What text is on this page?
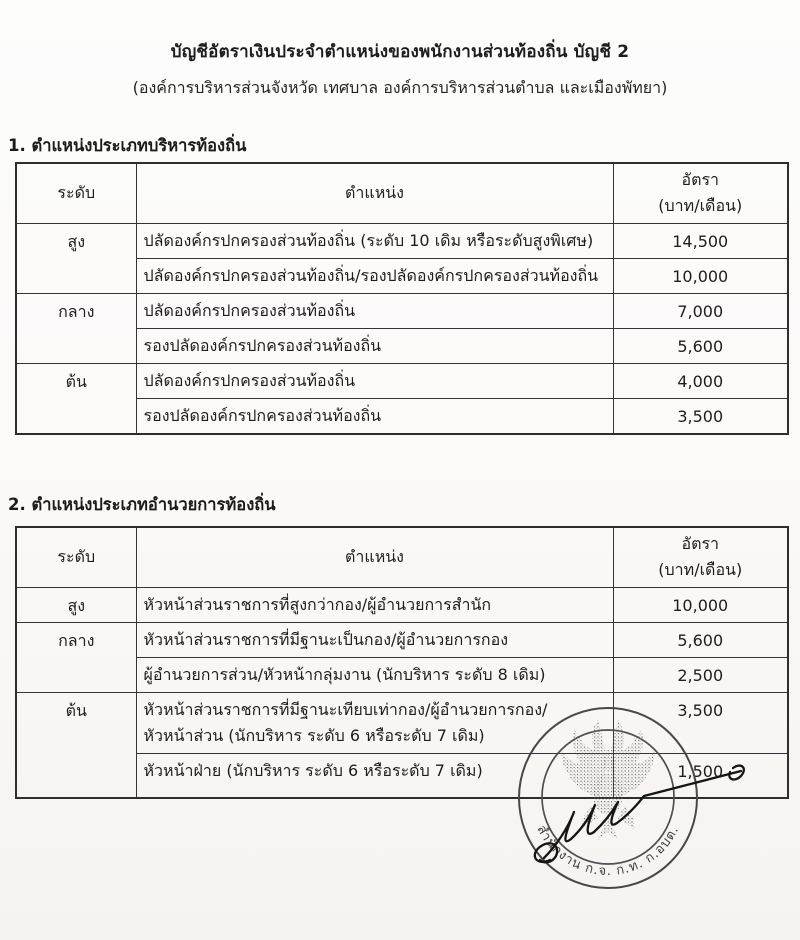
บัญชีอัตราเงินประจำตำแหน่งของพนักงานส่วนท้องถิ่น บัญชี 2
(องค์การบริหารส่วนจังหวัด เทศบาล องค์การบริหารส่วนตำบล และเมืองพัทยา)
1. ตำแหน่งประเภทบริหารท้องถิ่น
ระดับ	ตำแหน่ง	อัตรา
(บาท/เดือน)

สูง	ปลัดองค์กรปกครองส่วนท้องถิ่น (ระดับ 10 เดิม หรือระดับสูงพิเศษ)	14,500

	ปลัดองค์กรปกครองส่วนท้องถิ่น/รองปลัดองค์กรปกครองส่วนท้องถิ่น	10,000
กลาง	ปลัดองค์กรปกครองส่วนท้องถิ่น	7,000

	รองปลัดองค์กรปกครองส่วนท้องถิ่น	5,600
ต้น	ปลัดองค์กรปกครองส่วนท้องถิ่น	4,000

	รองปลัดองค์กรปกครองส่วนท้องถิ่น	3,500
2. ตำแหน่งประเภทอำนวยการท้องถิ่น
ระดับ	ตำแหน่ง	อัตรา
(บาท/เดือน)

สูง	หัวหน้าส่วนราชการที่สูงกว่ากอง/ผู้อำนวยการสำนัก	10,000
กลาง	หัวหน้าส่วนราชการที่มีฐานะเป็นกอง/ผู้อำนวยการกอง	5,600

	ผู้อำนวยการส่วน/หัวหน้ากลุ่มงาน (นักบริหาร ระดับ 8 เดิม)	2,500
ต้น	หัวหน้าส่วนราชการที่มีฐานะเทียบเท่ากอง/ผู้อำนวยการกอง/
หัวหน้าส่วน (นักบริหาร ระดับ 6 หรือระดับ 7 เดิม)	3,500

	หัวหน้าฝ่าย (นักบริหาร ระดับ 6 หรือระดับ 7 เดิม)	1,500
สำนักงาน ก.จ. ก.ท. ก.อบต.
